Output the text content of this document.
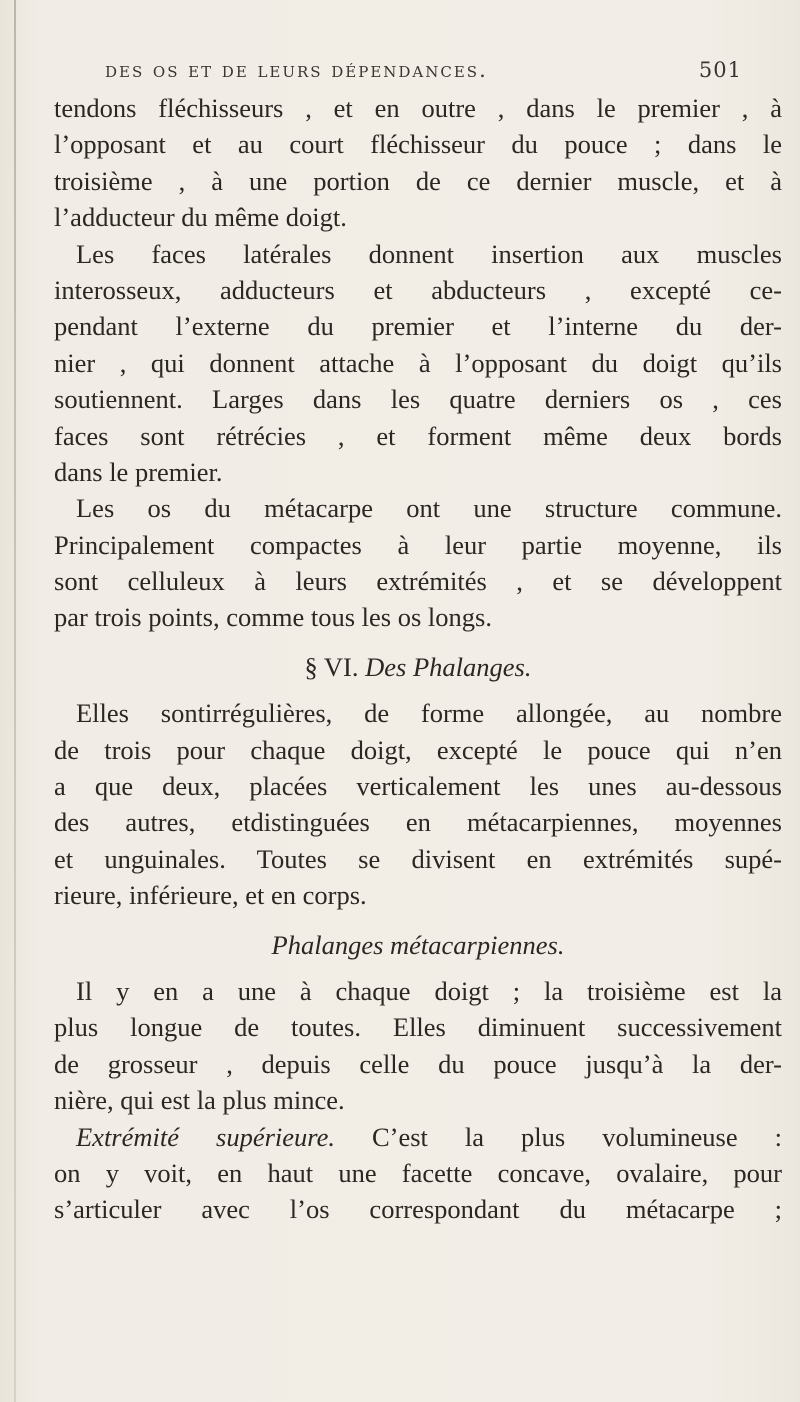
des os et de leurs dépendances.	501
tendons fléchisseurs , et en outre , dans le premier , à
l’opposant et au court fléchisseur du pouce ; dans le
troisième , à une portion de ce dernier muscle, et à
l’adducteur du même doigt.
Les faces latérales donnent insertion aux muscles
interosseux, adducteurs et abducteurs , excepté ce-
pendant l’externe du premier et l’interne du der-
nier , qui donnent attache à l’opposant du doigt qu’ils
soutiennent. Larges dans les quatre derniers os , ces
faces sont rétrécies , et forment même deux bords
dans le premier.
Les os du métacarpe ont une structure commune.
Principalement compactes à leur partie moyenne, ils
sont celluleux à leurs extrémités , et se développent
par trois points, comme tous les os longs.
§ VI. Des Phalanges.
Elles sontirrégulières, de forme allongée, au nombre
de trois pour chaque doigt, excepté le pouce qui n’en
a que deux, placées verticalement les unes au-dessous
des autres, etdistinguées en métacarpiennes, moyennes
et unguinales. Toutes se divisent en extrémités supé-
rieure, inférieure, et en corps.
Phalanges métacarpiennes.
Il y en a une à chaque doigt ; la troisième est la
plus longue de toutes. Elles diminuent successivement
de grosseur , depuis celle du pouce jusqu’à la der-
nière, qui est la plus mince.
Extrémité supérieure. C’est la plus volumineuse :
on y voit, en haut une facette concave, ovalaire, pour
s’articuler avec l’os correspondant du métacarpe ;
